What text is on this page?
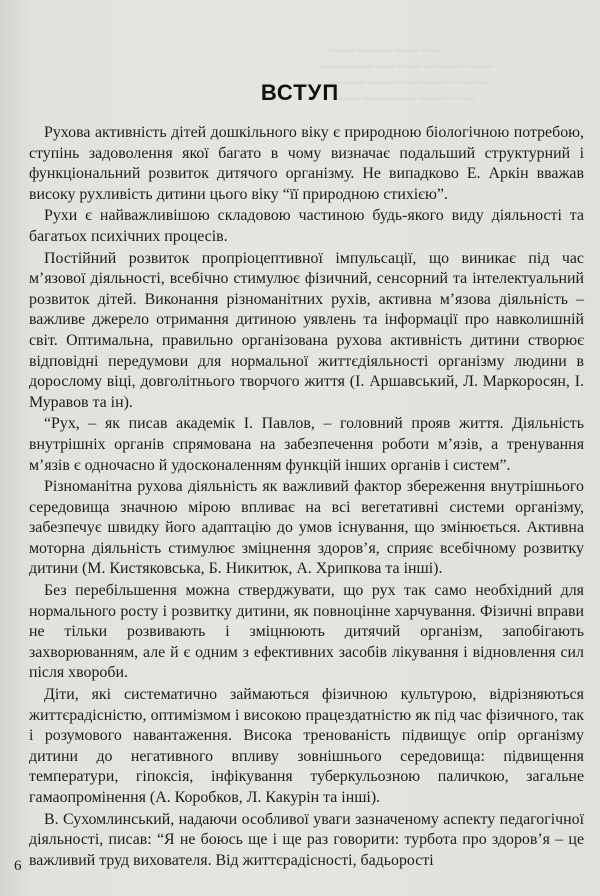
~~~ ~~~~ ~~~~~~ ~~~~
~~~~ ~~~~~~~ ~~~~ ~~~ ~~~~~~~~~
~~~~~ ~~~~~~~~~ ~~~~~ ~~~~~~
~~~ ~~~~~~ ~~~~~~~~~ ~~~~~
ВСТУП

Рухова активність дітей дошкільного віку є природною біологічною потребою, ступінь задоволення якої багато в чому визначає подальший структурний і функціональний розвиток дитячого організму. Не випадково Е. Аркін вважав високу рухливість дитини цього віку “її природною стихією”.

Рухи є найважливішою складовою частиною будь-якого виду діяльності та багатьох психічних процесів.

Постійний розвиток пропріоцептивної імпульсації, що виникає під час м’язової діяльності, всебічно стимулює фізичний, сенсорний та інтелектуальний розвиток дітей. Виконання різноманітних рухів, активна м’язова діяльність – важливе джерело отримання дитиною уявлень та інформації про навколишній світ. Оптимальна, правильно організована рухова активність дитини створює відповідні передумови для нормальної життєдіяльності організму людини в дорослому віці, довголітнього творчого життя (І. Аршавський, Л. Маркоросян, І. Муравов та ін).

“Рух, – як писав академік І. Павлов, – головний прояв життя. Діяльність внутрішніх органів спрямована на забезпечення роботи м’язів, а тренування м’язів є одночасно й удосконаленням функцій інших органів і систем”.

Різноманітна рухова діяльність як важливий фактор збереження внутрішнього середовища значною мірою впливає на всі вегетативні системи організму, забезпечує швидку його адаптацію до умов існування, що змінюється. Активна моторна діяльність стимулює зміцнення здоров’я, сприяє всебічному розвитку дитини (М. Кистяковська, Б. Никитюк, А. Хрипкова та інші).

Без перебільшення можна стверджувати, що рух так само необхідний для нормального росту і розвитку дитини, як повноцінне харчування. Фізичні вправи не тільки розвивають і зміцнюють дитячий організм, запобігають захворюванням, але й є одним з ефективних засобів лікування і відновлення сил після хвороби.

Діти, які систематично займаються фізичною культурою, відрізняються життєрадісністю, оптимізмом і високою працездатністю як під час фізичного, так і розумового навантаження. Висока тренованість підвищує опір організму дитини до негативного впливу зовнішнього середовища: підвищення температури, гіпоксія, інфікування туберкульозною паличкою, загальне гамаопромінення (А. Коробков, Л. Какурін та інші).

В. Сухомлинський, надаючи особливої уваги зазначеному аспекту педагогічної діяльності, писав: “Я не боюсь ще і ще раз говорити: турбота про здоров’я – це важливий труд вихователя. Від життєрадісності, бадьорості

6
